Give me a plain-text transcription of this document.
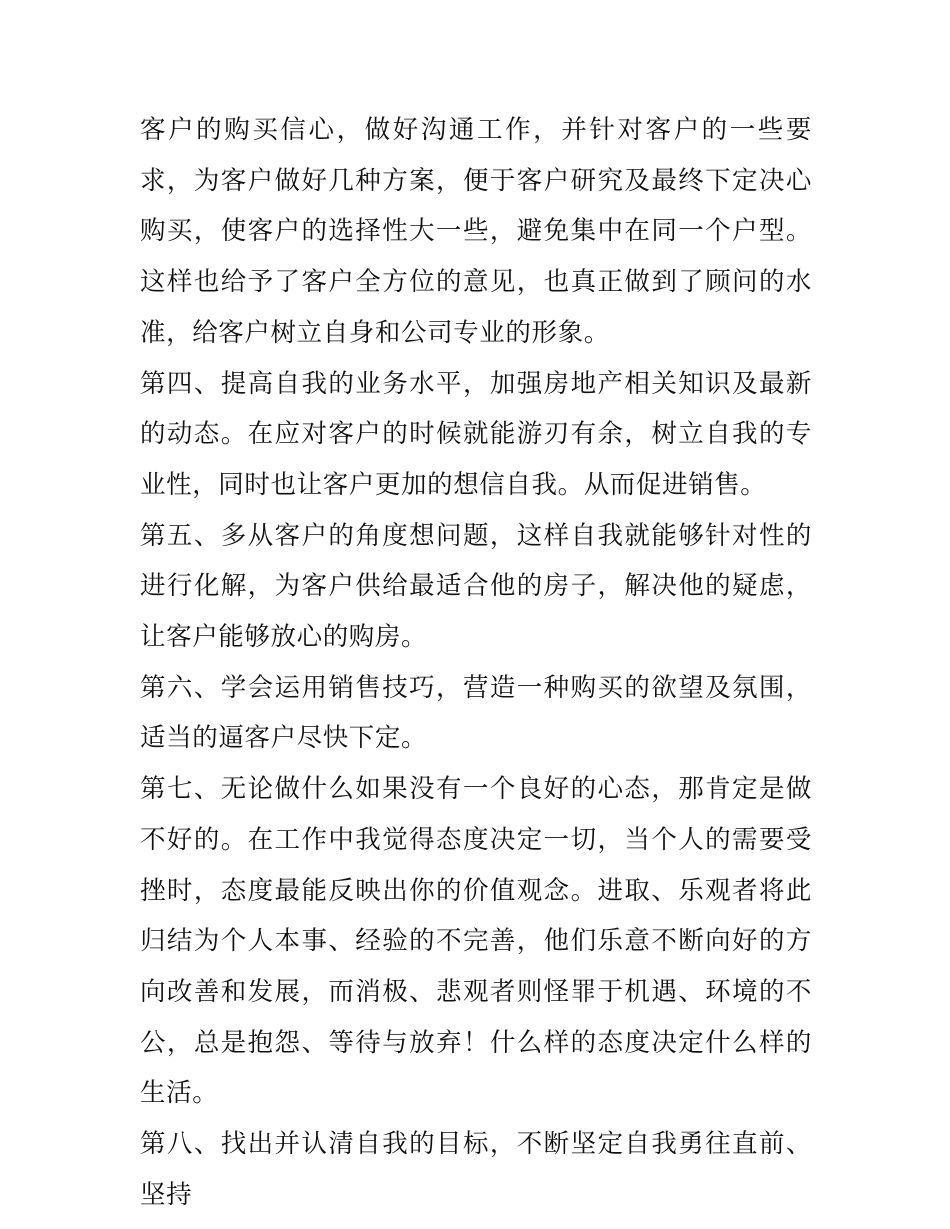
客户的购买信心，做好沟通工作，并针对客户的一些要求，为客户做好几种方案，便于客户研究及最终下定决心购买，使客户的选择性大一些，避免集中在同一个户型。这样也给予了客户全方位的意见，也真正做到了顾问的水准，给客户树立自身和公司专业的形象。

第四、提高自我的业务水平，加强房地产相关知识及最新的动态。在应对客户的时候就能游刃有余，树立自我的专业性，同时也让客户更加的想信自我。从而促进销售。

第五、多从客户的角度想问题，这样自我就能够针对性的进行化解，为客户供给最适合他的房子，解决他的疑虑，让客户能够放心的购房。

第六、学会运用销售技巧，营造一种购买的欲望及氛围，适当的逼客户尽快下定。

第七、无论做什么如果没有一个良好的心态，那肯定是做不好的。在工作中我觉得态度决定一切，当个人的需要受挫时，态度最能反映出你的价值观念。进取、乐观者将此归结为个人本事、经验的不完善，他们乐意不断向好的方向改善和发展，而消极、悲观者则怪罪于机遇、环境的不公，总是抱怨、等待与放弃！什么样的态度决定什么样的生活。

第八、找出并认清自我的目标，不断坚定自我勇往直前、坚持
